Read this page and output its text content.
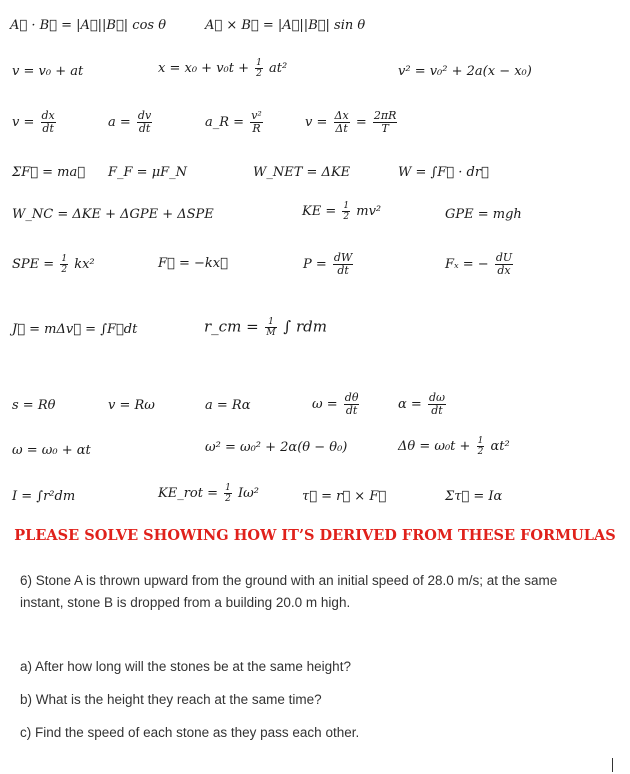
A⃗ · B⃗ = |A⃗||B⃗| cos θ	A⃗ × B⃗ = |A⃗||B⃗| sin θ
v = v₀ + at	$x = x_0 + v_0t + \frac{1}{2} at^2$	v² = v₀² + 2a(x − x₀)
$v = \frac{dx}{dt}$	$a = \frac{dv}{dt}$	a_R = $\frac{\text{v²}}{R}$	$v = \frac{\Delta x}{\Delta t} = \frac{2\pi R}{T}$
ΣF⃗ = ma⃗ F_F = μF_N	W_NET = ΔKE	W = ∫F⃗ · dr⃗
W_NC = ΔKE + ΔGPE + ΔSPE	KE = $\frac{1}{2} mv^2$	GPE = mgh
SPE = $\frac{1}{2} kx^2$	F⃗ = −kx⃗	$P = \frac{dW}{dt}$	Fₓ = − $\frac{dU}{dx}$
J⃗ = mΔv⃗ = ∫F⃗dt	r_cm = $\frac{1}{M}$ ∫ rdm
s = Rθ	v = Rω	a = Rα	$\omega = \frac{d\theta}{dt}$	$\alpha = \frac{d\omega}{dt}$
ω = ω₀ + αt	ω² = ω₀² + 2α(θ − θ₀)	$\Delta\theta = \omega_0t + \frac{1}{2} \alpha t^2$
I = ∫r²dm	KE_rot = $\frac{1}{2} I\omega^2$	τ⃗ = r⃗ × F⃗	Στ⃗ = Iα
PLEASE SOLVE SHOWING HOW IT’S DERIVED FROM THESE FORMULAS
6) Stone A is thrown upward from the ground with an initial speed of 28.0 m/s; at the same
instant, stone B is dropped from a building 20.0 m high.
a) After how long will the stones be at the same height?
b) What is the height they reach at the same time?
c) Find the speed of each stone as they pass each other.
